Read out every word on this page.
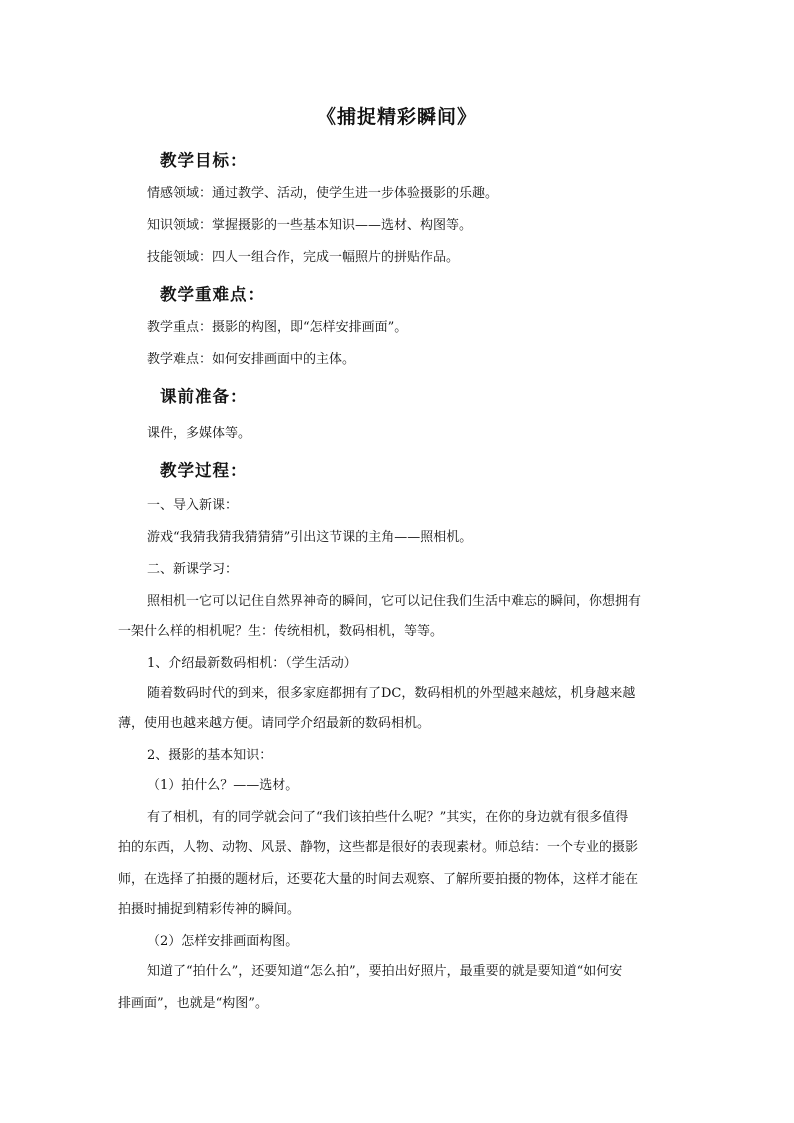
《捕捉精彩瞬间》
教学目标：
情感领域：通过教学、活动，使学生进一步体验摄影的乐趣。
知识领域：掌握摄影的一些基本知识——选材、构图等。
技能领域：四人一组合作，完成一幅照片的拼贴作品。
教学重难点：
教学重点：摄影的构图，即“怎样安排画面”。
教学难点：如何安排画面中的主体。
课前准备：
课件，多媒体等。
教学过程：
一、导入新课：
游戏“我猜我猜我猜猜猜”引出这节课的主角——照相机。
二、新课学习：
照相机一它可以记住自然界神奇的瞬间，它可以记住我们生活中难忘的瞬间，你想拥有
一架什么样的相机呢？生：传统相机，数码相机，等等。
1、介绍最新数码相机：（学生活动）
随着数码时代的到来，很多家庭都拥有了DC，数码相机的外型越来越炫，机身越来越
薄，使用也越来越方便。请同学介绍最新的数码相机。
2、摄影的基本知识：
（1）拍什么？——选材。
有了相机，有的同学就会问了“我们该拍些什么呢？”其实，在你的身边就有很多值得
拍的东西，人物、动物、风景、静物，这些都是很好的表现素材。师总结：一个专业的摄影
师，在选择了拍摄的题材后，还要花大量的时间去观察、了解所要拍摄的物体，这样才能在
拍摄时捕捉到精彩传神的瞬间。
（2）怎样安排画面构图。
知道了“拍什么”，还要知道“怎么拍”，要拍出好照片，最重要的就是要知道“如何安
排画面”，也就是“构图”。
